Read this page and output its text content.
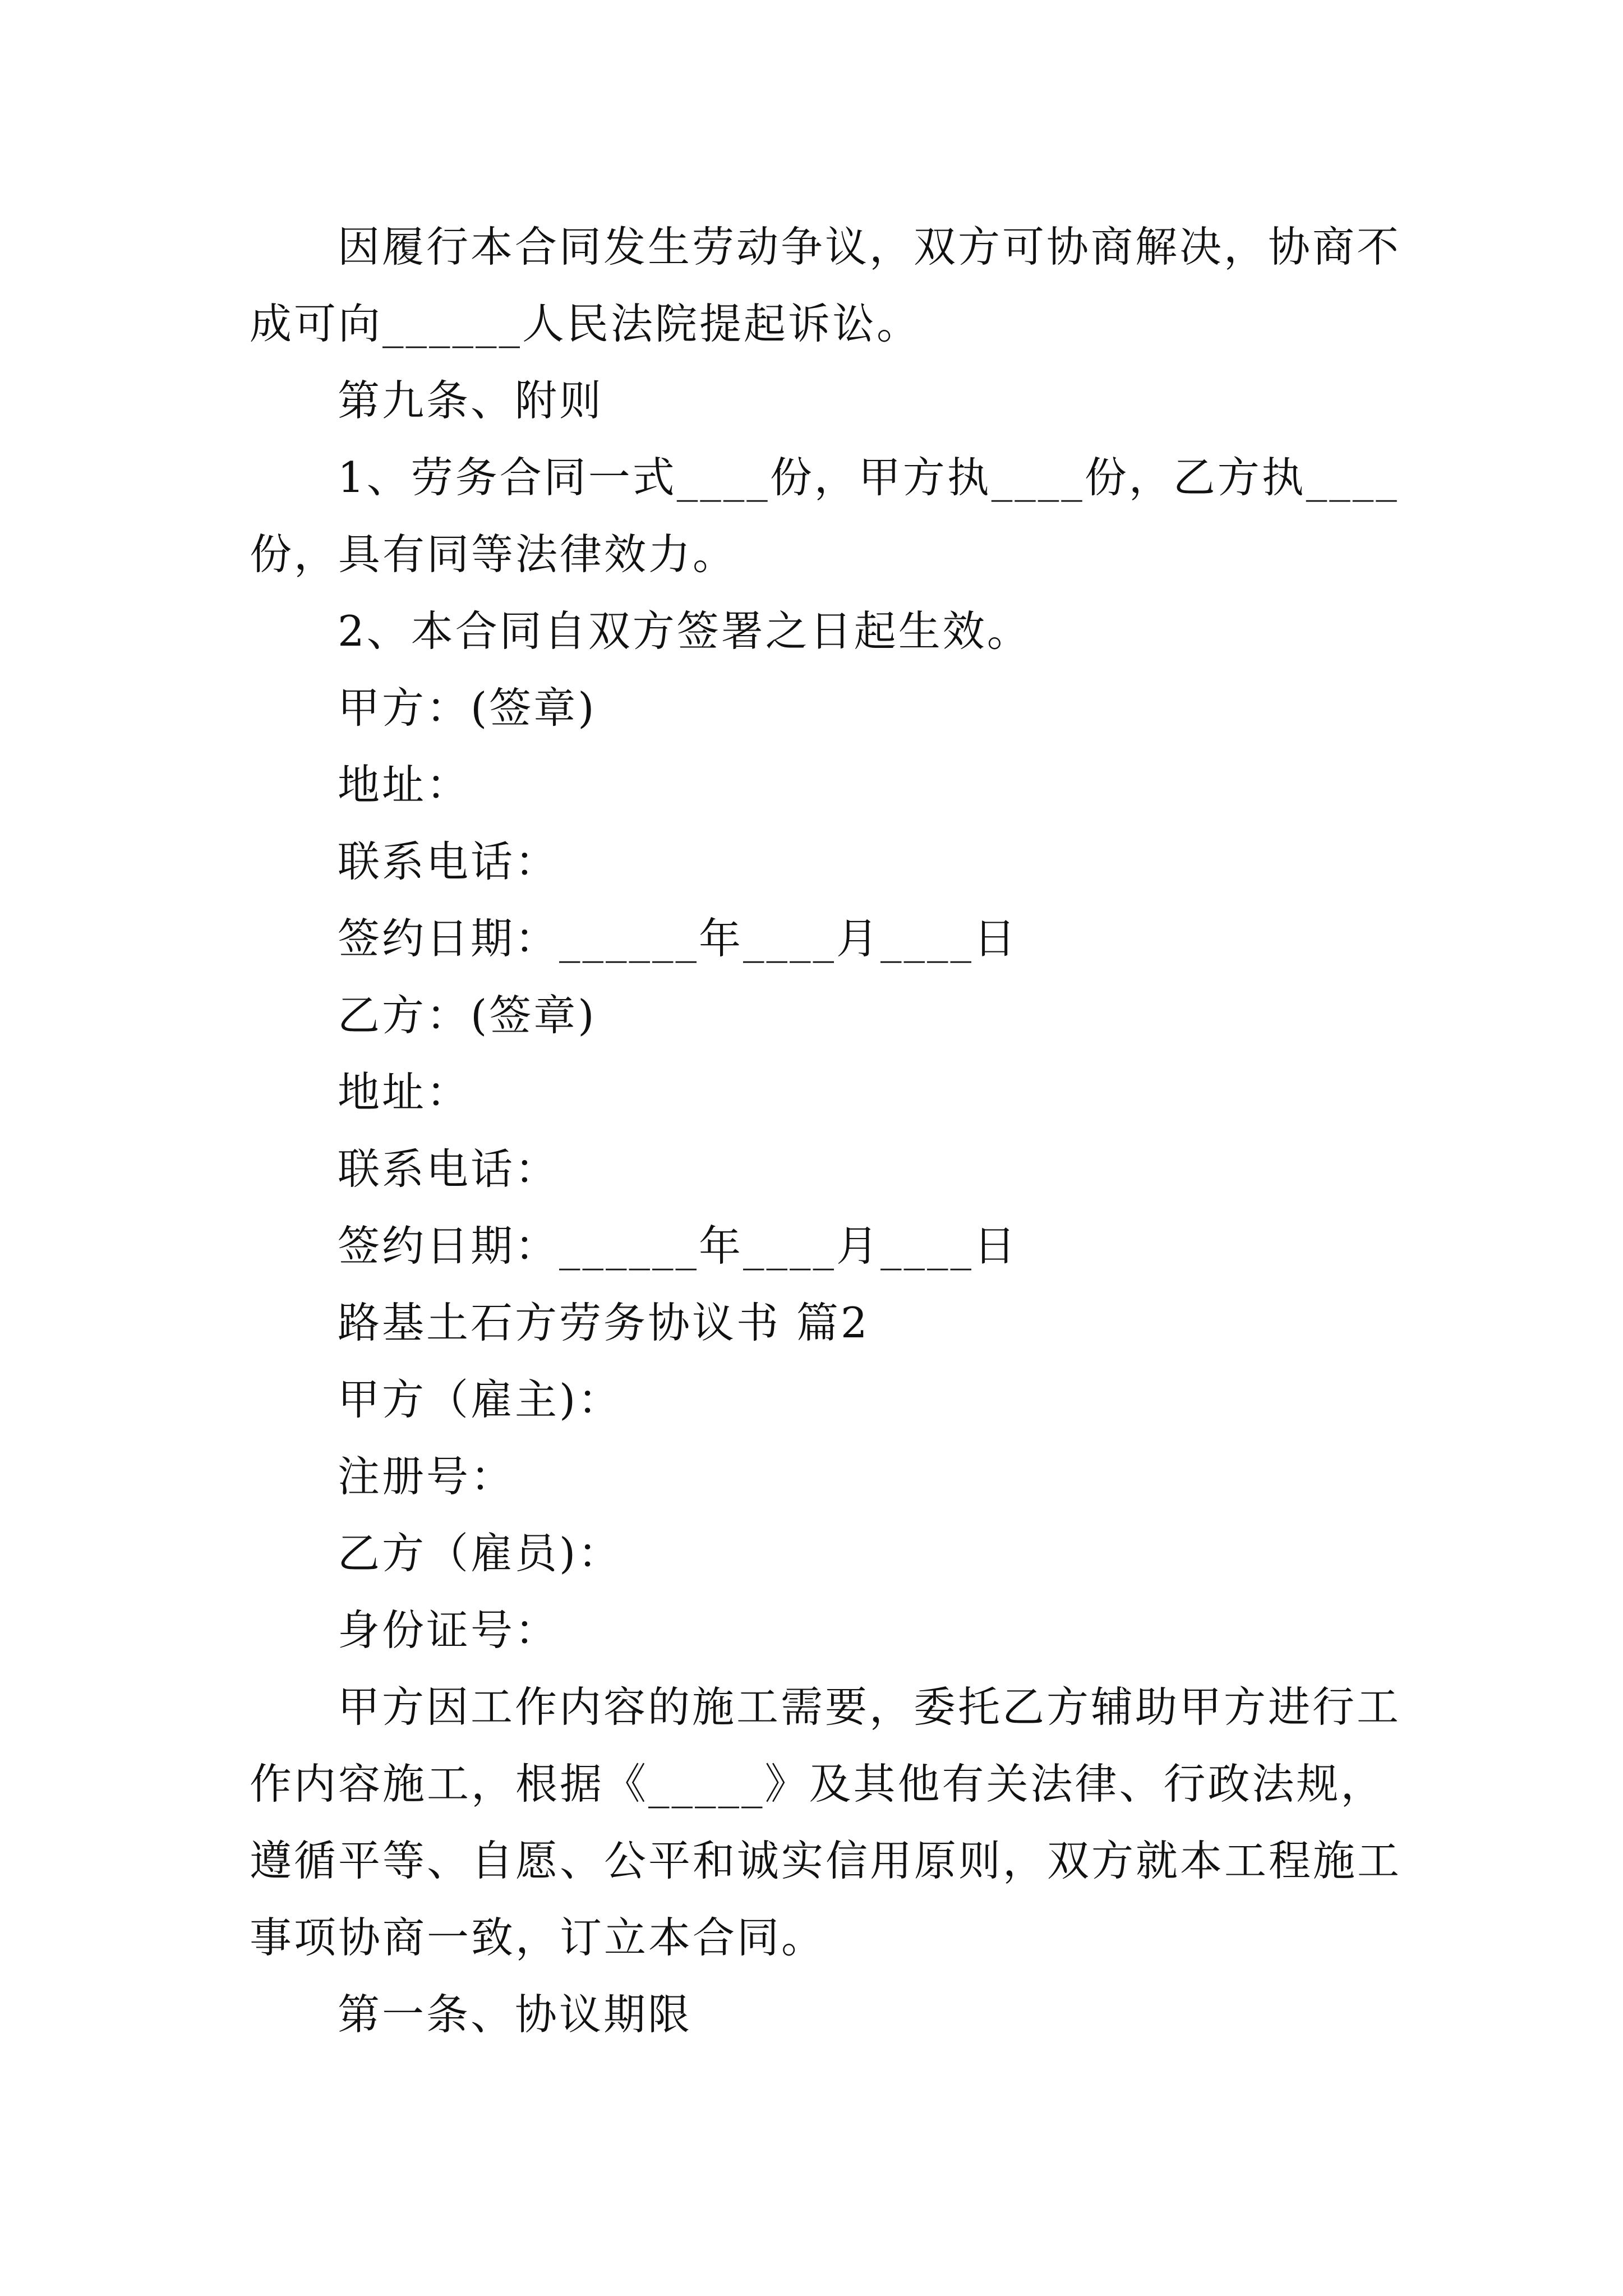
因履行本合同发生劳动争议，双方可协商解决，协商不
成可向______人民法院提起诉讼。
第九条、附则
1、劳务合同一式____份，甲方执____份，乙方执____
份，具有同等法律效力。
2、本合同自双方签署之日起生效。
甲方：(签章)
地址：
联系电话：
签约日期：______年____月____日
乙方：(签章)
地址：
联系电话：
签约日期：______年____月____日
路基土石方劳务协议书 篇2
甲方（雇主)：
注册号：
乙方（雇员)：
身份证号：
甲方因工作内容的施工需要，委托乙方辅助甲方进行工
作内容施工，根据《_____》及其他有关法律、行政法规，
遵循平等、自愿、公平和诚实信用原则，双方就本工程施工
事项协商一致，订立本合同。
第一条、协议期限
